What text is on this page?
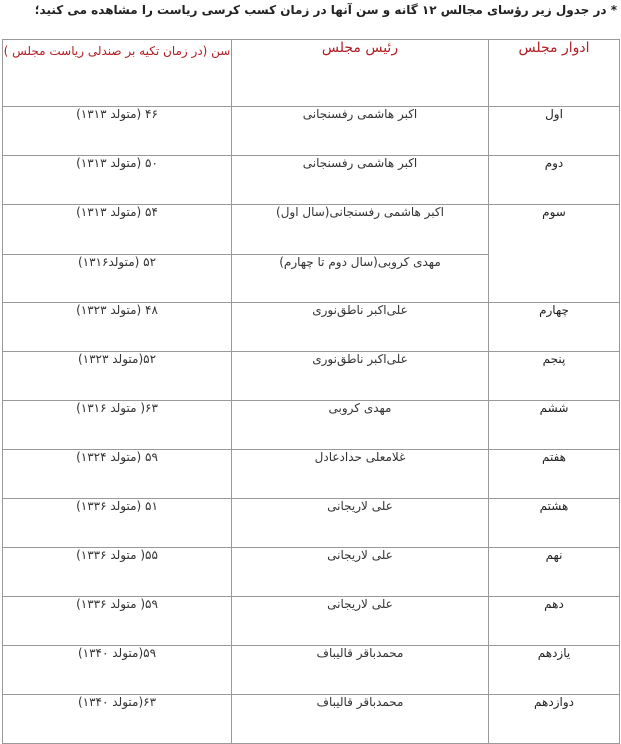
* در جدول زیر رؤسای مجالس ۱۲ گانه و سن آنها در زمان کسب کرسی ریاست را مشاهده می کنید؛
ادوار مجلس	رئیس مجلس	سن (در زمان تکیه بر صندلی ریاست مجلس )
اول	اکبر هاشمی رفسنجانی	۴۶ (متولد ۱۳۱۳)
دوم	اکبر هاشمی رفسنجانی	۵۰ (متولد ۱۳۱۳)
سوم	اکبر هاشمی رفسنجانی(سال اول)	۵۴ (متولد ۱۳۱۳)
	مهدی کروبی(سال دوم تا چهارم)	۵۲ (متولد۱۳۱۶)
چهارم	علی‌اکبر ناطق‌نوری	۴۸ (متولد ۱۳۲۳)
پنجم	علی‌اکبر ناطق‌نوری	۵۲(متولد ۱۳۲۳)
ششم	مهدی کروبی	۶۳( متولد ۱۳۱۶)
هفتم	غلامعلی حدادعادل	۵۹ (متولد ۱۳۲۴)
هشتم	علی لاریجانی	۵۱ (متولد ۱۳۳۶)
نهم	علی لاریجانی	۵۵( متولد ۱۳۳۶)
دهم	علی لاریجانی	۵۹( متولد ۱۳۳۶)
یازدهم	محمدباقر قالیباف	۵۹(متولد ۱۳۴۰)
دوازدهم	محمدباقر قالیباف	۶۳(متولد ۱۳۴۰)
